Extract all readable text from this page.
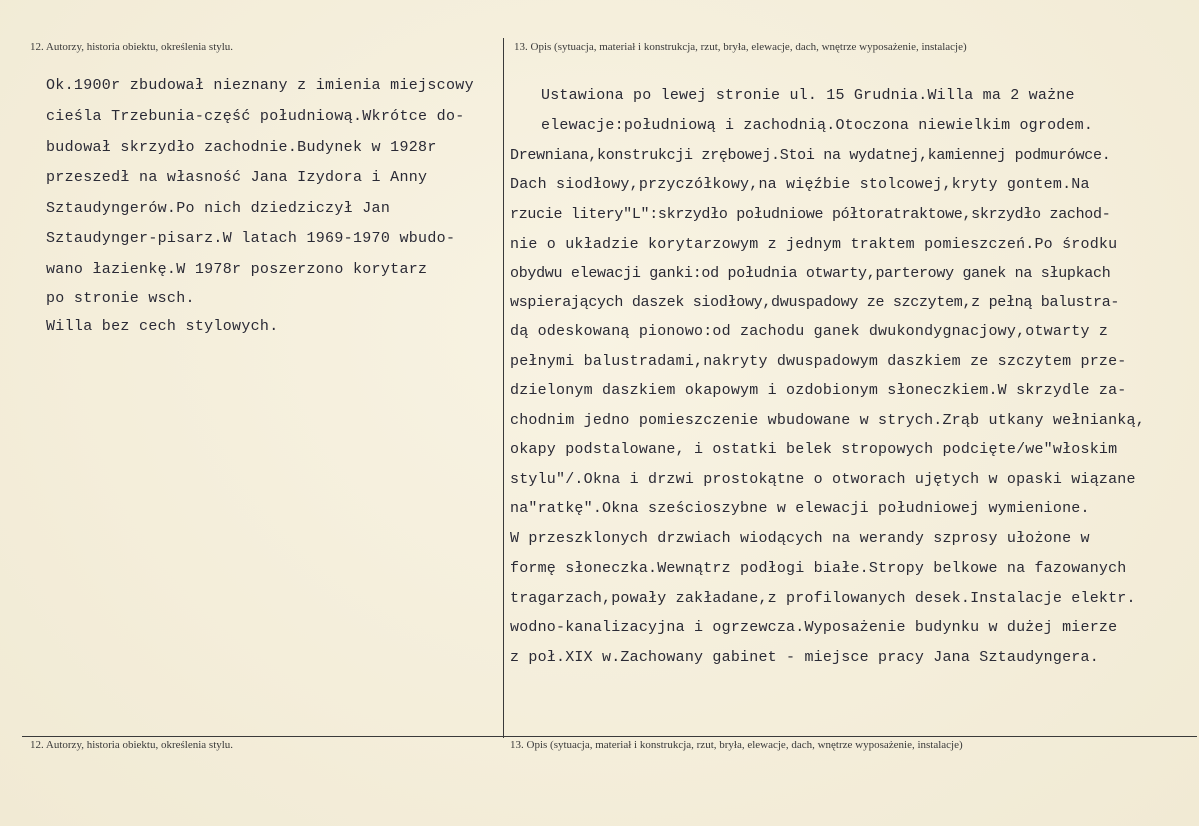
12. Autorzy, historia obiektu, określenia stylu.	13. Opis (sytuacja, materiał i konstrukcja, rzut, bryła, elewacje, dach, wnętrze wyposażenie, instalacje)
Ok.1900r zbudował nieznany z imienia miejscowy
cieśla Trzebunia-część południową.Wkrótce do-
budował skrzydło zachodnie.Budynek w 1928r
przeszedł na własność Jana Izydora i Anny
Sztaudyngerów.Po nich dziedziczył Jan
Sztaudynger-pisarz.W latach 1969-1970 wbudo-
wano łazienkę.W 1978r poszerzono korytarz
po stronie wsch.
Willa bez cech stylowych.
Ustawiona po lewej stronie ul. 15 Grudnia.Willa ma 2 ważne
elewacje:południową i zachodnią.Otoczona niewielkim ogrodem.
Drewniana,konstrukcji zrębowej.Stoi na wydatnej,kamiennej podmurówce.
Dach siodłowy,przyczółkowy,na więźbie stolcowej,kryty gontem.Na
rzucie litery"L":skrzydło południowe półtoratraktowe,skrzydło zachod-
nie o układzie korytarzowym z jednym traktem pomieszczeń.Po środku
obydwu elewacji ganki:od południa otwarty,parterowy ganek na słupkach
wspierających daszek siodłowy,dwuspadowy ze szczytem,z pełną balustra-
dą odeskowaną pionowo:od zachodu ganek dwukondygnacjowy,otwarty z
pełnymi balustradami,nakryty dwuspadowym daszkiem ze szczytem prze-
dzielonym daszkiem okapowym i ozdobionym słoneczkiem.W skrzydle za-
chodnim jedno pomieszczenie wbudowane w strych.Zrąb utkany wełnianką,
okapy podstalowane, i ostatki belek stropowych podcięte/we"włoskim
stylu"/.Okna i drzwi prostokątne o otworach ujętych w opaski wiązane
na"ratkę".Okna sześcioszybne w elewacji południowej wymienione.
W przeszklonych drzwiach wiodących na werandy szprosy ułożone w
formę słoneczka.Wewnątrz podłogi białe.Stropy belkowe na fazowanych
tragarzach,powały zakładane,z profilowanych desek.Instalacje elektr.
wodno-kanalizacyjna i ogrzewcza.Wyposażenie budynku w dużej mierze
z poł.XIX w.Zachowany gabinet - miejsce pracy Jana Sztaudyngera.
12. Autorzy, historia obiektu, określenia stylu.	13. Opis (sytuacja, materiał i konstrukcja, rzut, bryła, elewacje, dach, wnętrze wyposażenie, instalacje)
